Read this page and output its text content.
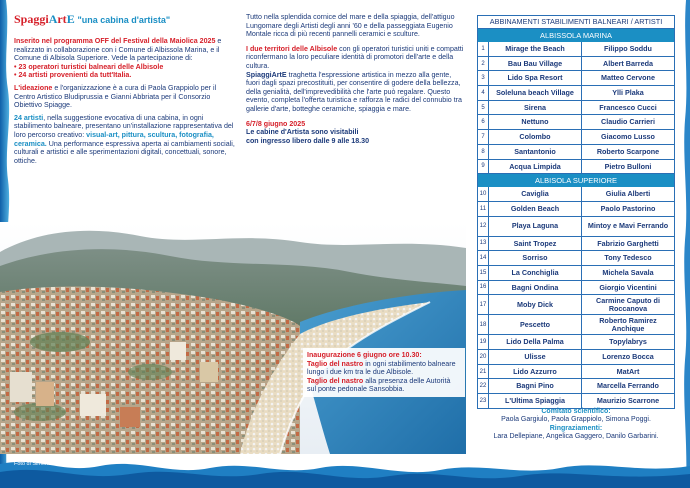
SpaggiArtE "una cabina d'artista"

Inserito nel programma OFF del Festival della Maiolica 2025 e realizzato in collaborazione con i Comune di Albissola Marina, e il Comune di Albisola Superiore. Vede la partecipazione di:
• 23 operatori turistici balneari delle Albisole
• 24 artisti provenienti da tutt'Italia.

L'ideazione e l'organizzazione è a cura di Paola Grappiolo per il Centro Artistico Bludiprussia e Gianni Abbriata per il Consorzio Obiettivo Spiagge.

24 artisti, nella suggestione evocativa di una cabina, in ogni stabilimento balneare, presentano un'installazione rappresentativa del loro percorso creativo: visual-art, pittura, scultura, fotografia, ceramica. Una performance espressiva aperta ai cambiamenti sociali, culturali e artistici e alle sperimentazioni digitali, concettuali, sonore, ottiche.

Tutto nella splendida cornice del mare e della spiaggia, dell'attiguo Lungomare degli Artisti degli anni '60 e della passeggiata Eugenio Montale ricca di più recenti pannelli ceramici e sculture.

I due territori delle Albisole con gli operatori turistici uniti e compatti riconfermano la loro peculiare identità di promotori dell'arte e della cultura.
SpiaggiArtE traghetta l'espressione artistica in mezzo alla gente, fuori dagli spazi precostituiti, per consentire di godere della bellezza, della genialità, dell'imprevedibilità che l'arte può regalare. Questo evento, completa l'offerta turistica e rafforza le radici del connubio tra gallerie d'arte, botteghe ceramiche, spiaggia e mare.

6/7/8 giugno 2025
Le cabine d'Artista sono visitabili
con ingresso libero dalle 9 alle 18.30

Foto di Simone Sasso
Inaugurazione 6 giugno ore 10.30:
Taglio del nastro in ogni stabilimento balneare lungo i due km tra le due Albisole.
Taglio del nastro alla presenza delle Autorità sul ponte pedonale Sansobbia.
ABBINAMENTI STABILIMENTI BALNEARI / ARTISTI
ALBISSOLA MARINA
1	Mirage the Beach	Filippo Soddu
2	Bau Bau Village	Albert Barreda
3	Lido Spa Resort	Matteo Cervone
4	Soleluna beach Village	Ylli Plaka
5	Sirena	Francesco Cucci
6	Nettuno	Claudio Carrieri
7	Colombo	Giacomo Lusso
8	Santantonio	Roberto Scarpone
9	Acqua Limpida	Pietro Bulloni
ALBISOLA SUPERIORE
10	Caviglia	Giulia Alberti
11	Golden Beach	Paolo Pastorino
12	Playa Laguna	Mintoy e Mavi Ferrando
13	Saint Tropez	Fabrizio Garghetti
14	Sorriso	Tony Tedesco
15	La Conchiglia	Michela Savala
16	Bagni Ondina	Giorgio Vicentini
17	Moby Dick	Carmine Caputo di Roccanova
18	Pescetto	Roberto Ramirez Anchique
19	Lido Della Palma	Topylabrys
20	Ulisse	Lorenzo Bocca
21	Lido Azzurro	MatArt
22	Bagni Pino	Marcella Ferrando
23	L'Ultima Spiaggia	Maurizio Scarrone
Comitato scientifico:
Paola Gargiulo, Paola Grappiolo, Simona Poggi.
Ringraziamenti:
Lara Dellepiane, Angelica Gaggero, Danilo Garbarini.
